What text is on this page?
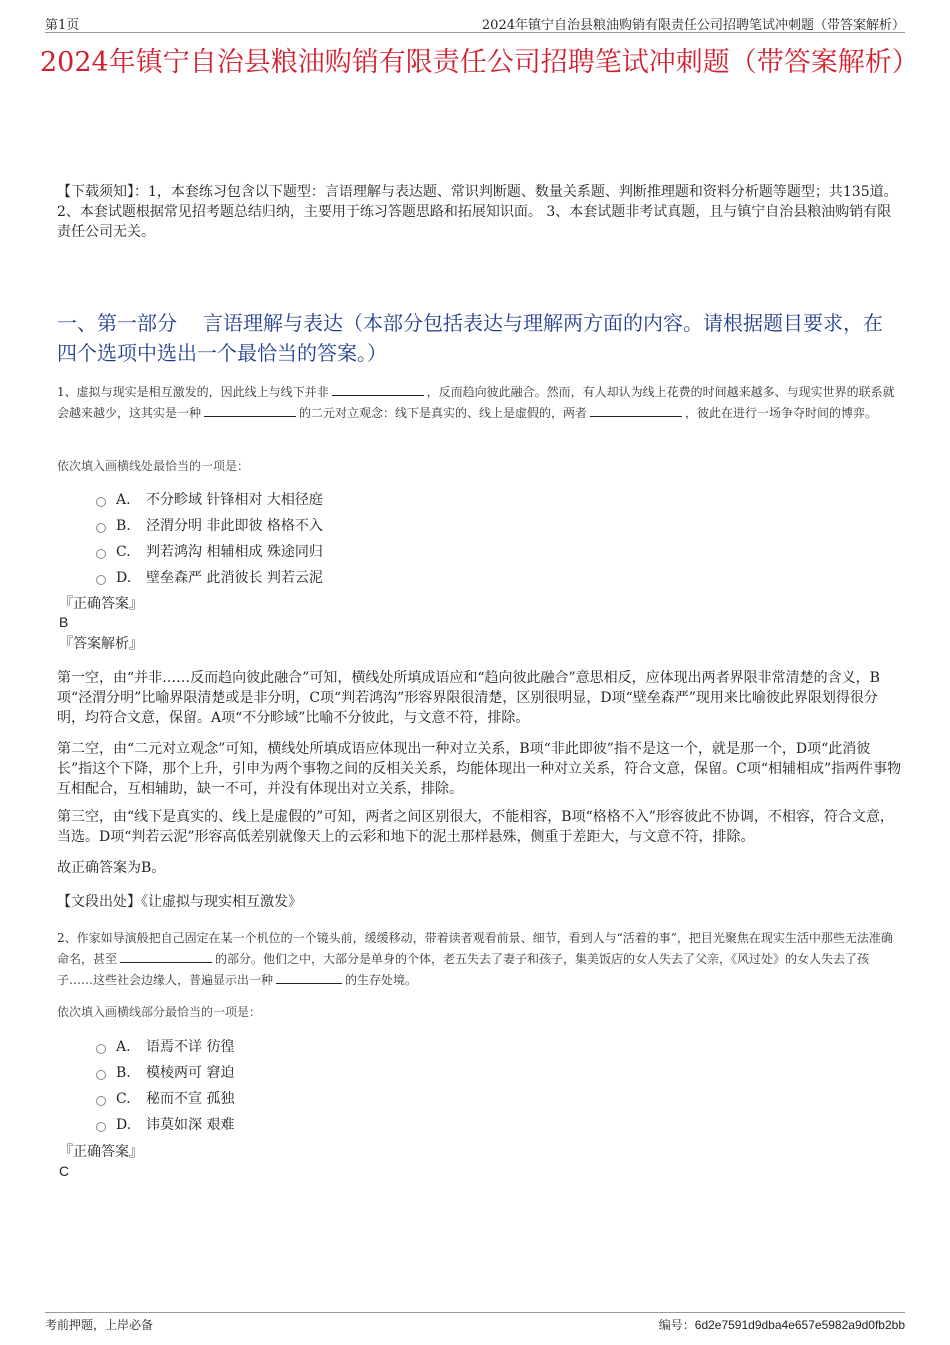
第1页	2024年镇宁自治县粮油购销有限责任公司招聘笔试冲刺题（带答案解析）
2024年镇宁自治县粮油购销有限责任公司招聘笔试冲刺题（带答案解析）
【下载须知】：1，本套练习包含以下题型：言语理解与表达题、常识判断题、数量关系题、判断推理题和资料分析题等题型；共135道。 2、本套试题根据常见招考题总结归纳，主要用于练习答题思路和拓展知识面。 3、本套试题非考试真题，且与镇宁自治县粮油购销有限责任公司无关。
一、第一部分 言语理解与表达（本部分包括表达与理解两方面的内容。请根据题目要求，在四个选项中选出一个最恰当的答案。）
1、虚拟与现实是相互激发的，因此线上与线下并非	，反而趋向彼此融合。然而，有人却认为线上花费的时间越来越多、与现实世界的联系就会越来越少，这其实是一种	的二元对立观念：线下是真实的、线上是虚假的，两者	，彼此在进行一场争夺时间的博弈。
依次填入画横线处最恰当的一项是：
A. 不分畛域 针锋相对 大相径庭
B. 泾渭分明 非此即彼 格格不入
C. 判若鸿沟 相辅相成 殊途同归
D. 壁垒森严 此消彼长 判若云泥
『正确答案』
B
『答案解析』
第一空，由“并非……反而趋向彼此融合”可知，横线处所填成语应和“趋向彼此融合”意思相反，应体现出两者界限非常清楚的含义，B项“泾渭分明”比喻界限清楚或是非分明，C项“判若鸿沟”形容界限很清楚，区别很明显，D项“壁垒森严”现用来比喻彼此界限划得很分明，均符合文意，保留。A项“不分畛域”比喻不分彼此，与文意不符，排除。
第二空，由“二元对立观念”可知，横线处所填成语应体现出一种对立关系，B项“非此即彼”指不是这一个，就是那一个，D项“此消彼长”指这个下降，那个上升，引申为两个事物之间的反相关关系，均能体现出一种对立关系，符合文意，保留。C项“相辅相成”指两件事物互相配合，互相辅助，缺一不可，并没有体现出对立关系，排除。
第三空，由“线下是真实的、线上是虚假的”可知，两者之间区别很大，不能相容，B项“格格不入”形容彼此不协调，不相容，符合文意，当选。D项“判若云泥”形容高低差别就像天上的云彩和地下的泥土那样悬殊，侧重于差距大，与文意不符，排除。
故正确答案为B。
【文段出处】《让虚拟与现实相互激发》
2、作家如导演般把自己固定在某一个机位的一个镜头前，缓缓移动，带着读者观看前景、细节，看到人与“活着的事”，把目光聚焦在现实生活中那些无法准确命名，甚至	的部分。他们之中，大部分是单身的个体，老五失去了妻子和孩子，集美饭店的女人失去了父亲，《风过处》的女人失去了孩子……这些社会边缘人，普遍显示出一种	的生存处境。
依次填入画横线部分最恰当的一项是：
A. 语焉不详 彷徨
B. 模棱两可 窘迫
C. 秘而不宣 孤独
D. 讳莫如深 艰难
『正确答案』
C
考前押题，上岸必备	编号：6d2e7591d9dba4e657e5982a9d0fb2bb
